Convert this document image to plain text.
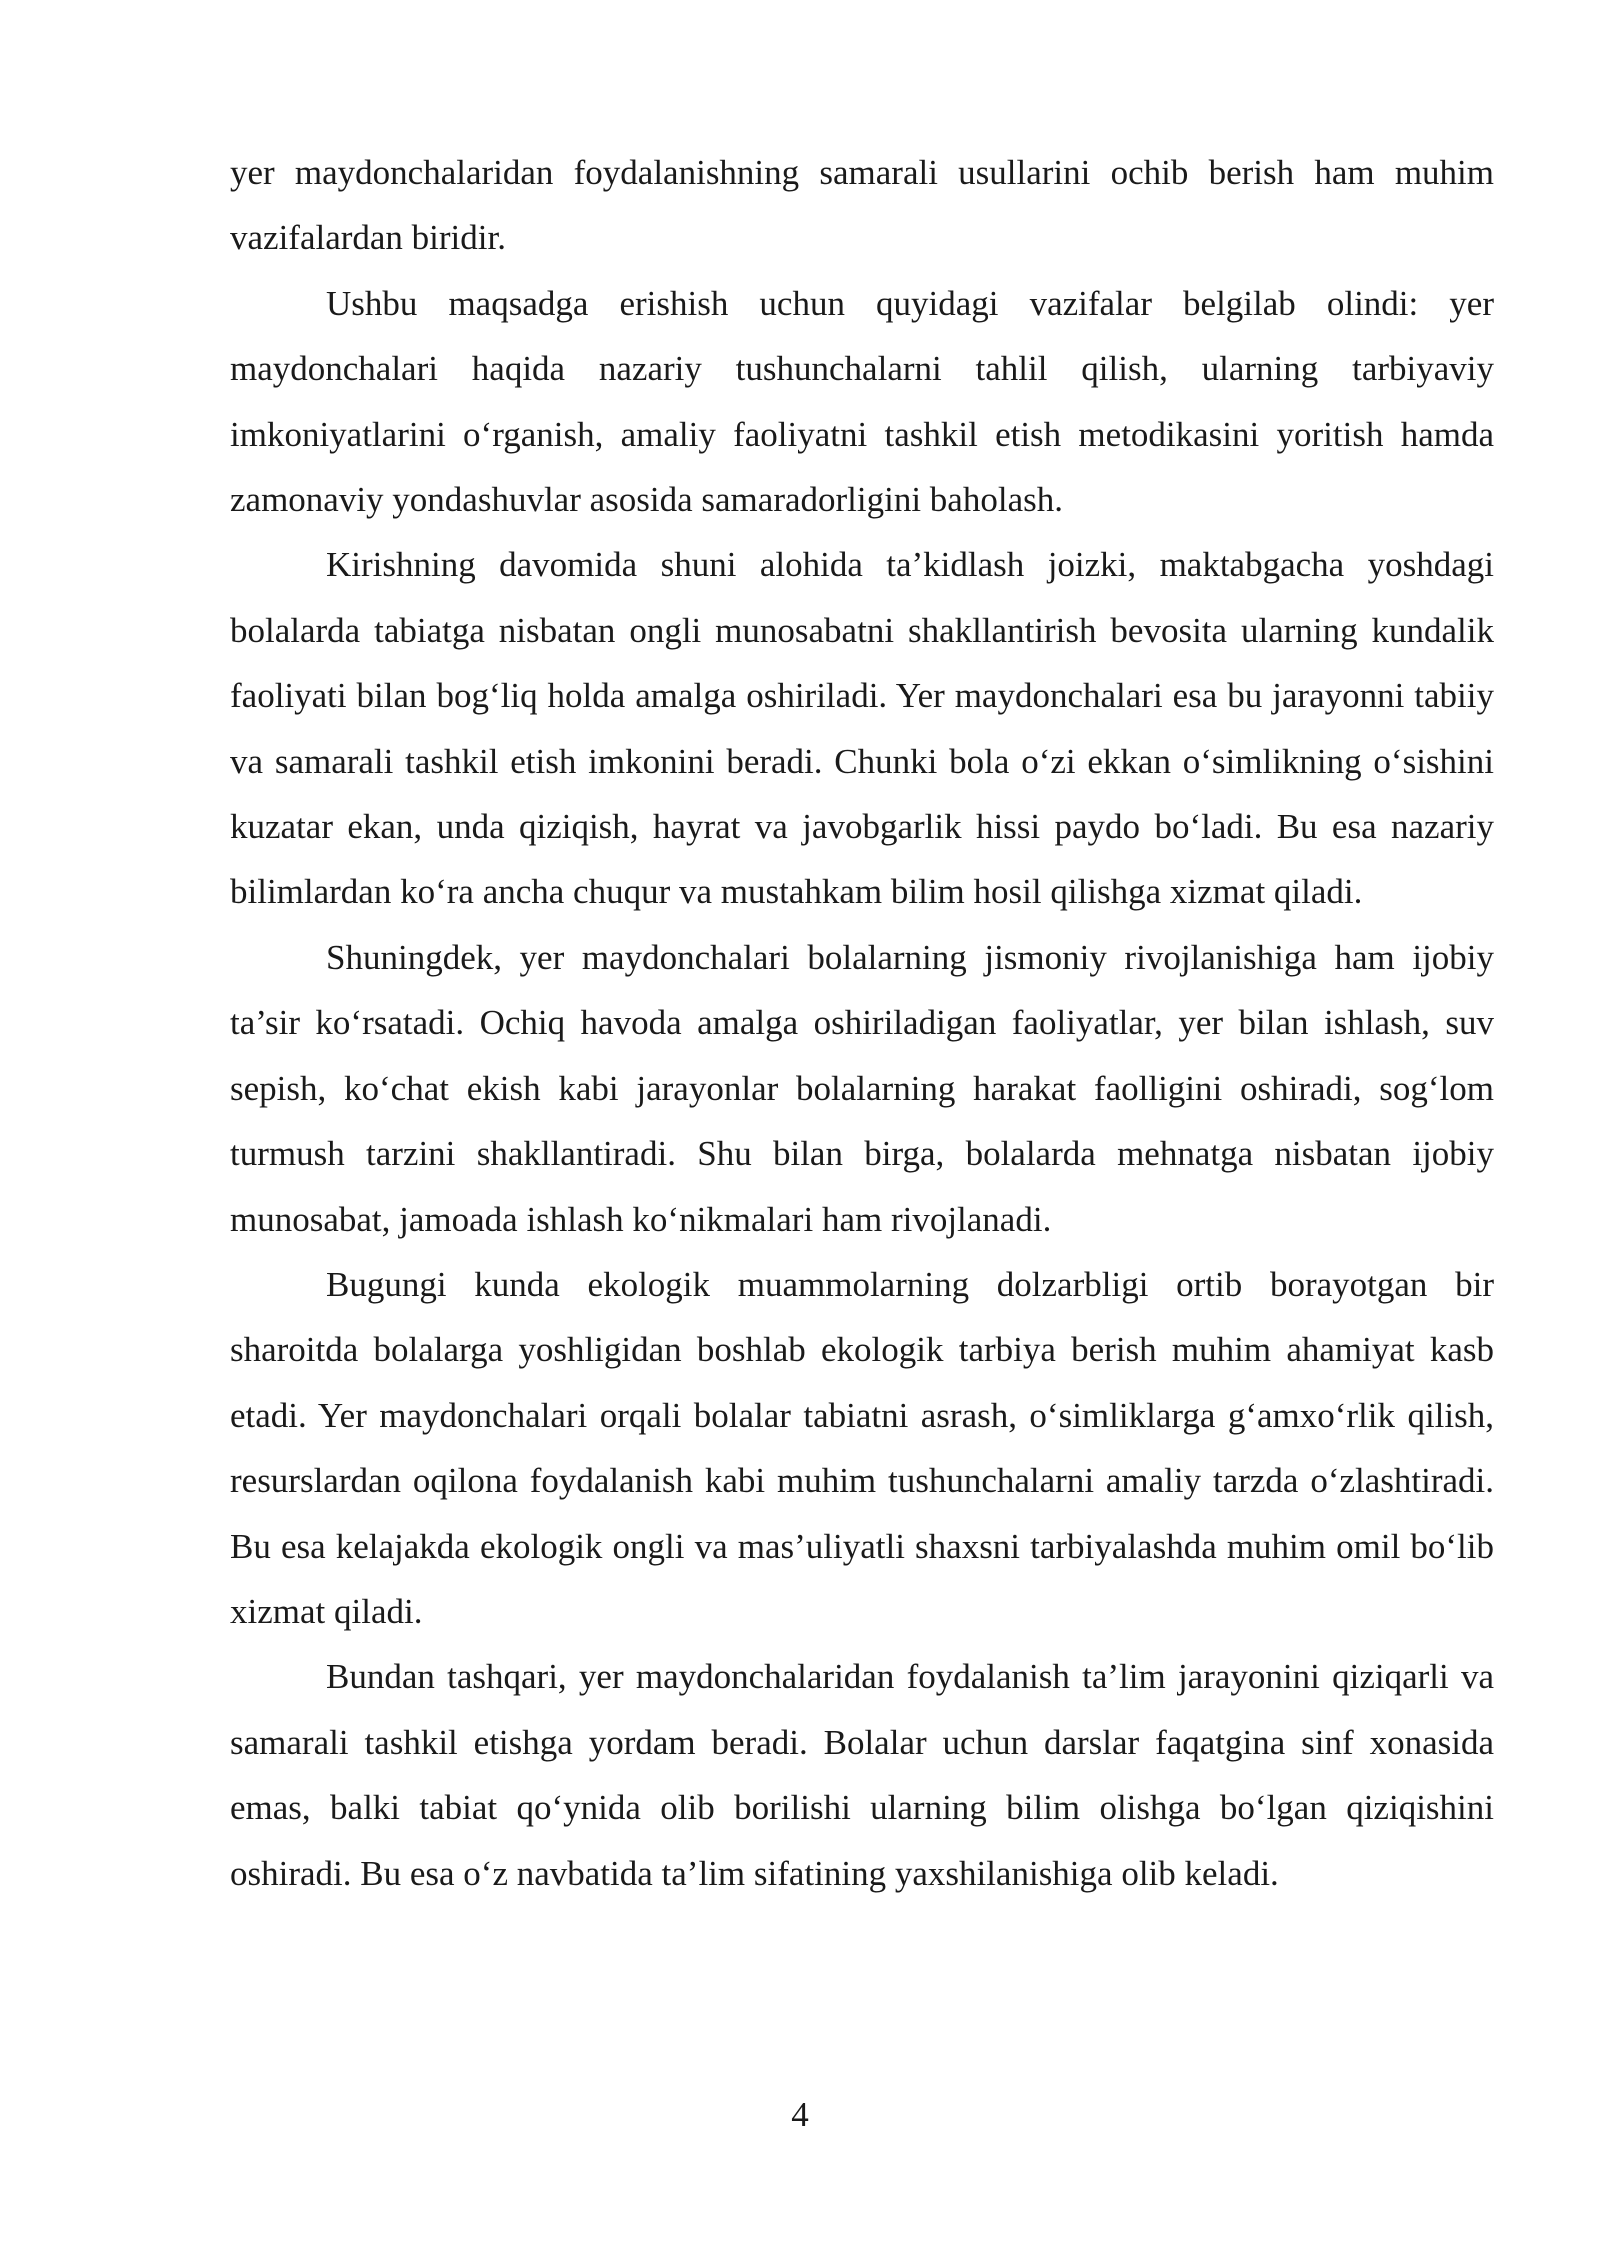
yer maydonchalaridan foydalanishning samarali usullarini ochib berish ham muhim vazifalardan biridir.

Ushbu maqsadga erishish uchun quyidagi vazifalar belgilab olindi: yer maydonchalari haqida nazariy tushunchalarni tahlil qilish, ularning tarbiyaviy imkoniyatlarini o‘rganish, amaliy faoliyatni tashkil etish metodikasini yoritish hamda zamonaviy yondashuvlar asosida samaradorligini baholash.

Kirishning davomida shuni alohida ta’kidlash joizki, maktabgacha yoshdagi bolalarda tabiatga nisbatan ongli munosabatni shakllantirish bevosita ularning kundalik faoliyati bilan bog‘liq holda amalga oshiriladi. Yer maydonchalari esa bu jarayonni tabiiy va samarali tashkil etish imkonini beradi. Chunki bola o‘zi ekkan o‘simlikning o‘sishini kuzatar ekan, unda qiziqish, hayrat va javobgarlik hissi paydo bo‘ladi. Bu esa nazariy bilimlardan ko‘ra ancha chuqur va mustahkam bilim hosil qilishga xizmat qiladi.

Shuningdek, yer maydonchalari bolalarning jismoniy rivojlanishiga ham ijobiy ta’sir ko‘rsatadi. Ochiq havoda amalga oshiriladigan faoliyatlar, yer bilan ishlash, suv sepish, ko‘chat ekish kabi jarayonlar bolalarning harakat faolligini oshiradi, sog‘lom turmush tarzini shakllantiradi. Shu bilan birga, bolalarda mehnatga nisbatan ijobiy munosabat, jamoada ishlash ko‘nikmalari ham rivojlanadi.

Bugungi kunda ekologik muammolarning dolzarbligi ortib borayotgan bir sharoitda bolalarga yoshligidan boshlab ekologik tarbiya berish muhim ahamiyat kasb etadi. Yer maydonchalari orqali bolalar tabiatni asrash, o‘simliklarga g‘amxo‘rlik qilish, resurslardan oqilona foydalanish kabi muhim tushunchalarni amaliy tarzda o‘zlashtiradi. Bu esa kelajakda ekologik ongli va mas’uliyatli shaxsni tarbiyalashda muhim omil bo‘lib xizmat qiladi.

Bundan tashqari, yer maydonchalaridan foydalanish ta’lim jarayonini qiziqarli va samarali tashkil etishga yordam beradi. Bolalar uchun darslar faqatgina sinf xonasida emas, balki tabiat qo‘ynida olib borilishi ularning bilim olishga bo‘lgan qiziqishini oshiradi. Bu esa o‘z navbatida ta’lim sifatining yaxshilanishiga olib keladi.

4
